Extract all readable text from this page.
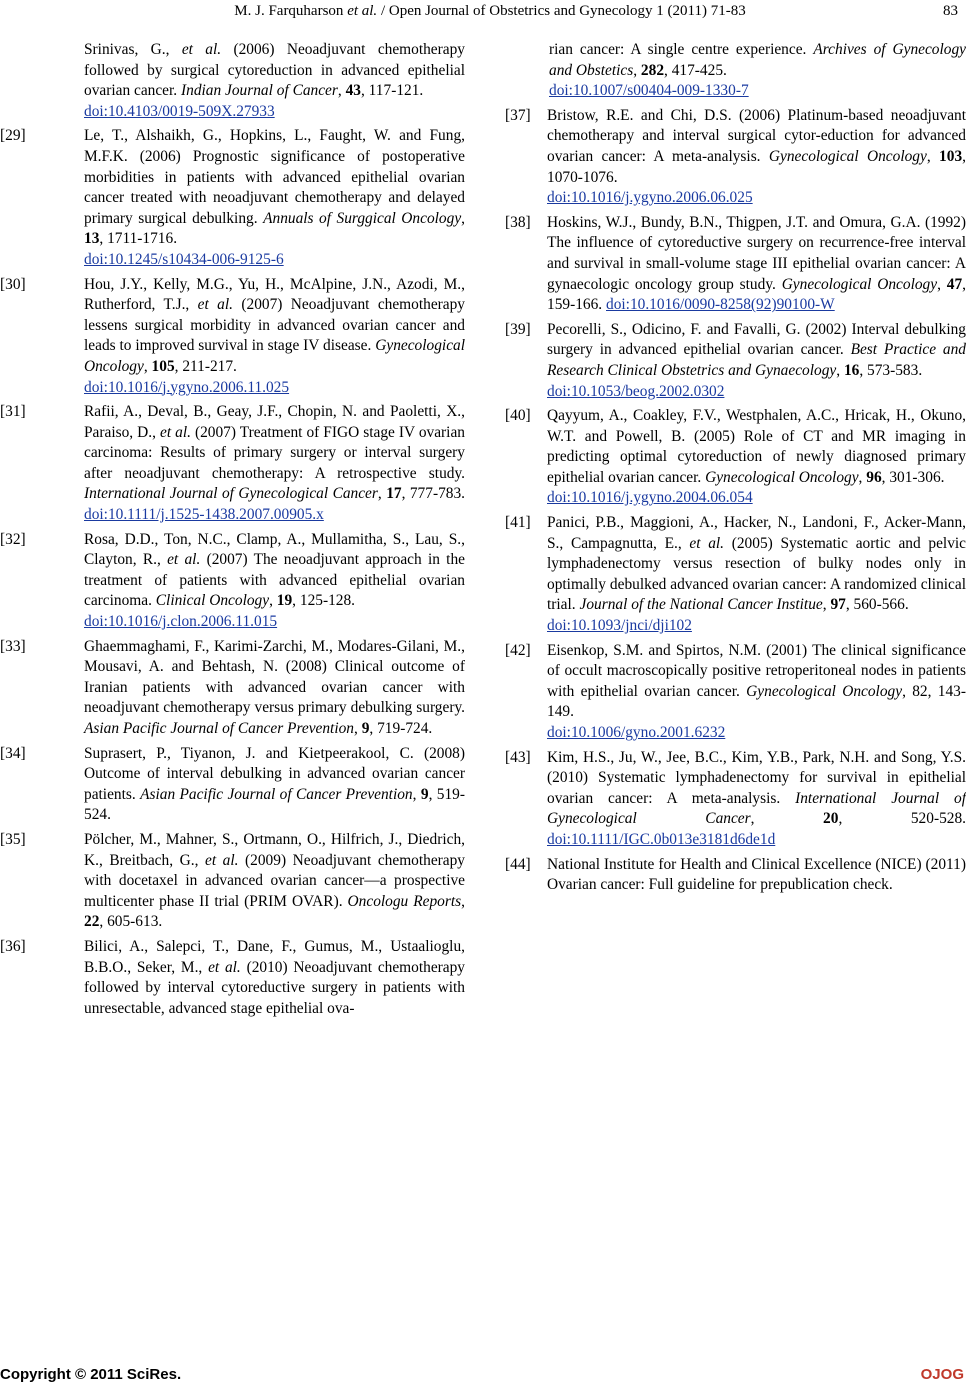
M. J. Farquharson et al. / Open Journal of Obstetrics and Gynecology 1 (2011) 71-83	83
Srinivas, G., et al. (2006) Neoadjuvant chemotherapy followed by surgical cytoreduction in advanced epithelial ovarian cancer. Indian Journal of Cancer, 43, 117-121.
doi:10.4103/0019-509X.27933
[29]	Le, T., Alshaikh, G., Hopkins, L., Faught, W. and Fung, M.F.K. (2006) Prognostic significance of postoperative morbidities in patients with advanced epithelial ovarian cancer treated with neoadjuvant chemotherapy and delayed primary surgical debulking. Annuals of Surggical Oncology, 13, 1711-1716.
doi:10.1245/s10434-006-9125-6
[30]	Hou, J.Y., Kelly, M.G., Yu, H., McAlpine, J.N., Azodi, M., Rutherford, T.J., et al. (2007) Neoadjuvant chemotherapy lessens surgical morbidity in advanced ovarian cancer and leads to improved survival in stage IV disease. Gynecological Oncology, 105, 211-217.
doi:10.1016/j.ygyno.2006.11.025
[31]	Rafii, A., Deval, B., Geay, J.F., Chopin, N. and Paoletti, X., Paraiso, D., et al. (2007) Treatment of FIGO stage IV ovarian carcinoma: Results of primary surgery or interval surgery after neoadjuvant chemotherapy: A retrospective study. International Journal of Gynecological Cancer, 17, 777-783. doi:10.1111/j.1525-1438.2007.00905.x
[32]	Rosa, D.D., Ton, N.C., Clamp, A., Mullamitha, S., Lau, S., Clayton, R., et al. (2007) The neoadjuvant approach in the treatment of patients with advanced epithelial ovarian carcinoma. Clinical Oncology, 19, 125-128.
doi:10.1016/j.clon.2006.11.015
[33]	Ghaemmaghami, F., Karimi-Zarchi, M., Modares-Gilani, M., Mousavi, A. and Behtash, N. (2008) Clinical outcome of Iranian patients with advanced ovarian cancer with neoadjuvant chemotherapy versus primary debulking surgery. Asian Pacific Journal of Cancer Prevention, 9, 719-724.
[34]	Suprasert, P., Tiyanon, J. and Kietpeerakool, C. (2008) Outcome of interval debulking in advanced ovarian cancer patients. Asian Pacific Journal of Cancer Prevention, 9, 519-524.
[35]	Pölcher, M., Mahner, S., Ortmann, O., Hilfrich, J., Diedrich, K., Breitbach, G., et al. (2009) Neoadjuvant chemotherapy with docetaxel in advanced ovarian cancer—a prospective multicenter phase II trial (PRIM OVAR). Oncologu Reports, 22, 605-613.
[36]	Bilici, A., Salepci, T., Dane, F., Gumus, M., Ustaalioglu, B.B.O., Seker, M., et al. (2010) Neoadjuvant chemotherapy followed by interval cytoreductive surgery in patients with unresectable, advanced stage epithelial ova-
rian cancer: A single centre experience. Archives of Gynecology and Obstetics, 282, 417-425.
doi:10.1007/s00404-009-1330-7
[37] Bristow, R.E. and Chi, D.S. (2006) Platinum-based neoadjuvant chemotherapy and interval surgical cytor-eduction for advanced ovarian cancer: A meta-analysis. Gynecological Oncology, 103, 1070-1076.
doi:10.1016/j.ygyno.2006.06.025
[38] Hoskins, W.J., Bundy, B.N., Thigpen, J.T. and Omura, G.A. (1992) The influence of cytoreductive surgery on recurrence-free interval and survival in small-volume stage III epithelial ovarian cancer: A gynaecologic oncology group study. Gynecological Oncology, 47, 159-166. doi:10.1016/0090-8258(92)90100-W
[39] Pecorelli, S., Odicino, F. and Favalli, G. (2002) Interval debulking surgery in advanced epithelial ovarian cancer. Best Practice and Research Clinical Obstetrics and Gynaecology, 16, 573-583.
doi:10.1053/beog.2002.0302
[40] Qayyum, A., Coakley, F.V., Westphalen, A.C., Hricak, H., Okuno, W.T. and Powell, B. (2005) Role of CT and MR imaging in predicting optimal cytoreduction of newly diagnosed primary epithelial ovarian cancer. Gynecological Oncology, 96, 301-306.
doi:10.1016/j.ygyno.2004.06.054
[41] Panici, P.B., Maggioni, A., Hacker, N., Landoni, F., Acker-Mann, S., Campagnutta, E., et al. (2005) Systematic aortic and pelvic lymphadenectomy versus resection of bulky nodes only in optimally debulked advanced ovarian cancer: A randomized clinical trial. Journal of the National Cancer Institue, 97, 560-566.
doi:10.1093/jnci/dji102
[42] Eisenkop, S.M. and Spirtos, N.M. (2001) The clinical significance of occult macroscopically positive retroperitoneal nodes in patients with epithelial ovarian cancer. Gynecological Oncology, 82, 143-149.
doi:10.1006/gyno.2001.6232
[43] Kim, H.S., Ju, W., Jee, B.C., Kim, Y.B., Park, N.H. and Song, Y.S. (2010) Systematic lymphadenectomy for survival in epithelial ovarian cancer: A meta-analysis. International Journal of Gynecological Cancer, 20, 520-528. doi:10.1111/IGC.0b013e3181d6de1d
[44] National Institute for Health and Clinical Excellence (NICE) (2011) Ovarian cancer: Full guideline for prepublication check.
Copyright © 2011 SciRes.	OJOG
